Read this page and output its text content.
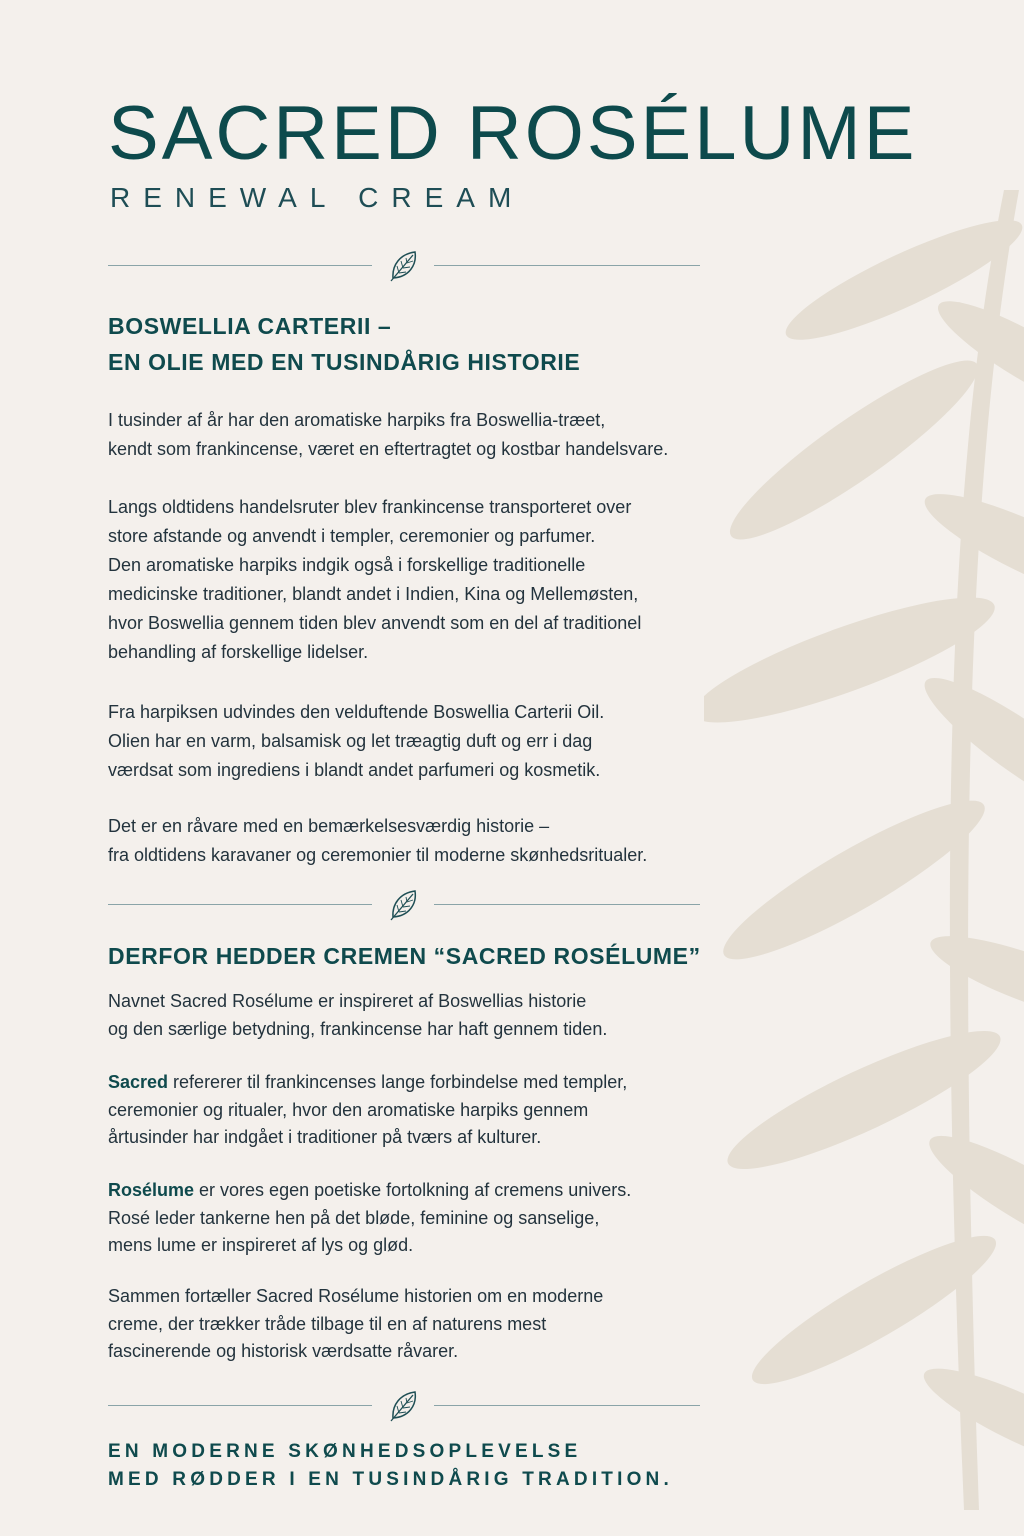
SACRED ROSÉLUME
RENEWAL CREAM
BOSWELLIA CARTERII –
EN OLIE MED EN TUSINDÅRIG HISTORIE

I tusinder af år har den aromatiske harpiks fra Boswellia-træet,
kendt som frankincense, været en eftertragtet og kostbar handelsvare.

Langs oldtidens handelsruter blev frankincense transporteret over
store afstande og anvendt i templer, ceremonier og parfumer.
Den aromatiske harpiks indgik også i forskellige traditionelle
medicinske traditioner, blandt andet i Indien, Kina og Mellemøsten,
hvor Boswellia gennem tiden blev anvendt som en del af traditionel
behandling af forskellige lidelser.

Fra harpiksen udvindes den velduftende Boswellia Carterii Oil.
Olien har en varm, balsamisk og let træagtig duft og err i dag
værdsat som ingrediens i blandt andet parfumeri og kosmetik.

Det er en råvare med en bemærkelsesværdig historie –
fra oldtidens karavaner og ceremonier til moderne skønhedsritualer.

DERFOR HEDDER CREMEN “SACRED ROSÉLUME”

Navnet Sacred Rosélume er inspireret af Boswellias historie
og den særlige betydning, frankincense har haft gennem tiden.

Sacred refererer til frankincenses lange forbindelse med templer,
ceremonier og ritualer, hvor den aromatiske harpiks gennem
årtusinder har indgået i traditioner på tværs af kulturer.

Rosélume er vores egen poetiske fortolkning af cremens univers.
Rosé leder tankerne hen på det bløde, feminine og sanselige,
mens lume er inspireret af lys og glød.

Sammen fortæller Sacred Rosélume historien om en moderne
creme, der trækker tråde tilbage til en af naturens mest
fascinerende og historisk værdsatte råvarer.

EN MODERNE SKØNHEDSOPLEVELSE
MED RØDDER I EN TUSINDÅRIG TRADITION.
